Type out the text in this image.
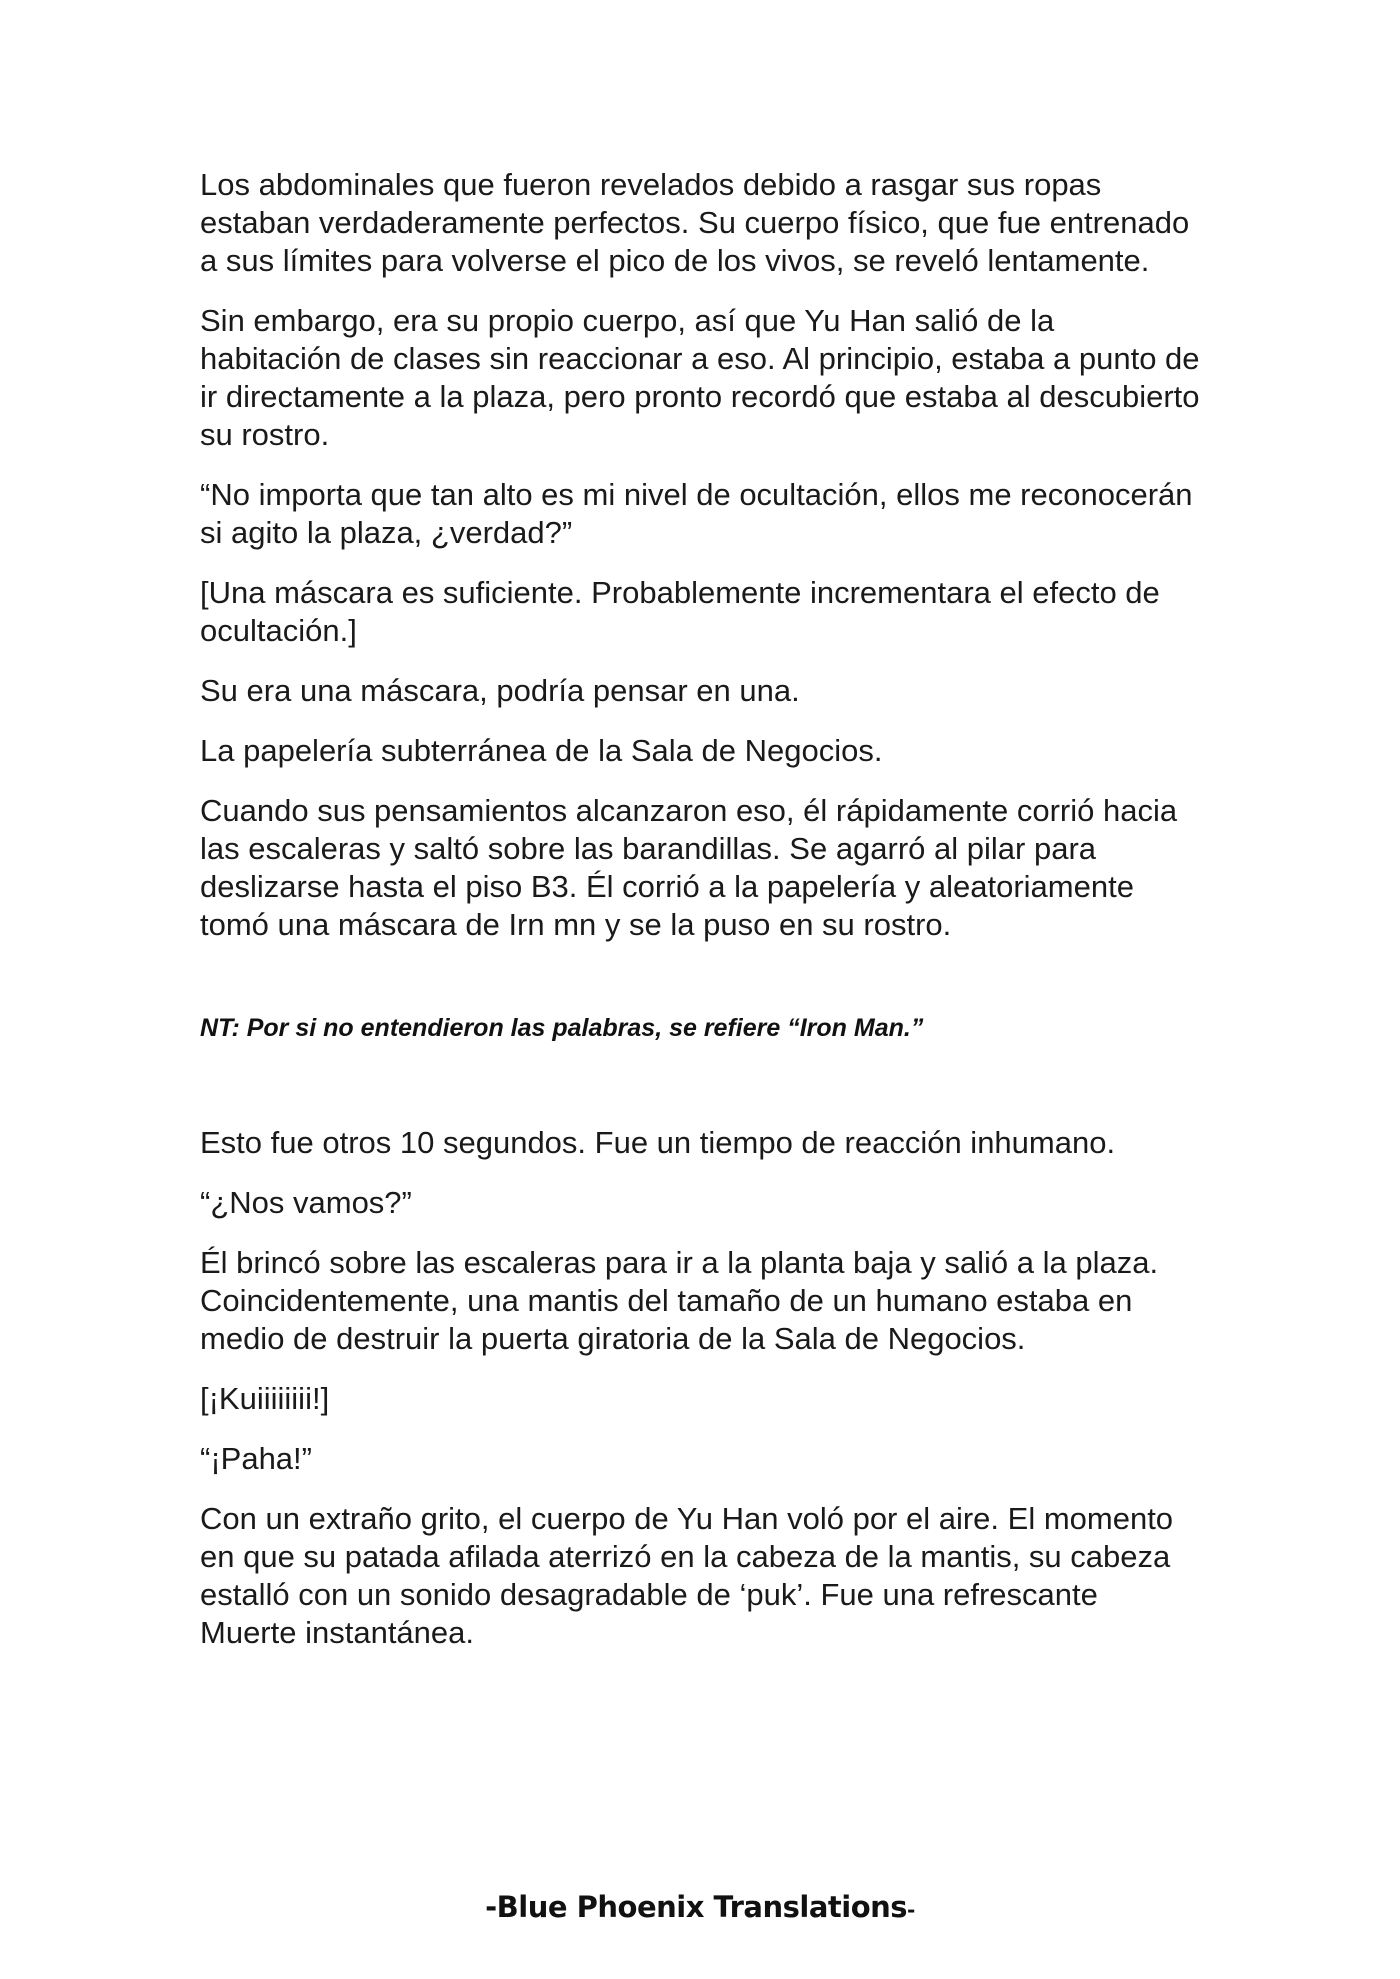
Los abdominales que fueron revelados debido a rasgar sus ropas estaban verdaderamente perfectos. Su cuerpo físico, que fue entrenado a sus límites para volverse el pico de los vivos, se reveló lentamente.

Sin embargo, era su propio cuerpo, así que Yu Han salió de la habitación de clases sin reaccionar a eso. Al principio, estaba a punto de ir directamente a la plaza, pero pronto recordó que estaba al descubierto su rostro.

“No importa que tan alto es mi nivel de ocultación, ellos me reconocerán si agito la plaza, ¿verdad?”

[Una máscara es suficiente. Probablemente incrementara el efecto de ocultación.]

Su era una máscara, podría pensar en una.

La papelería subterránea de la Sala de Negocios.

Cuando sus pensamientos alcanzaron eso, él rápidamente corrió hacia las escaleras y saltó sobre las barandillas. Se agarró al pilar para deslizarse hasta el piso B3. Él corrió a la papelería y aleatoriamente tomó una máscara de Irn mn y se la puso en su rostro.

NT: Por si no entendieron las palabras, se refiere “Iron Man.”

Esto fue otros 10 segundos. Fue un tiempo de reacción inhumano.

“¿Nos vamos?”

Él brincó sobre las escaleras para ir a la planta baja y salió a la plaza. Coincidentemente, una mantis del tamaño de un humano estaba en medio de destruir la puerta giratoria de la Sala de Negocios.

[¡Kuiiiiiiii!]

“¡Paha!”

Con un extraño grito, el cuerpo de Yu Han voló por el aire. El momento en que su patada afilada aterrizó en la cabeza de la mantis, su cabeza estalló con un sonido desagradable de ‘puk’. Fue una refrescante Muerte instantánea.

-Blue Phoenix Translations-
